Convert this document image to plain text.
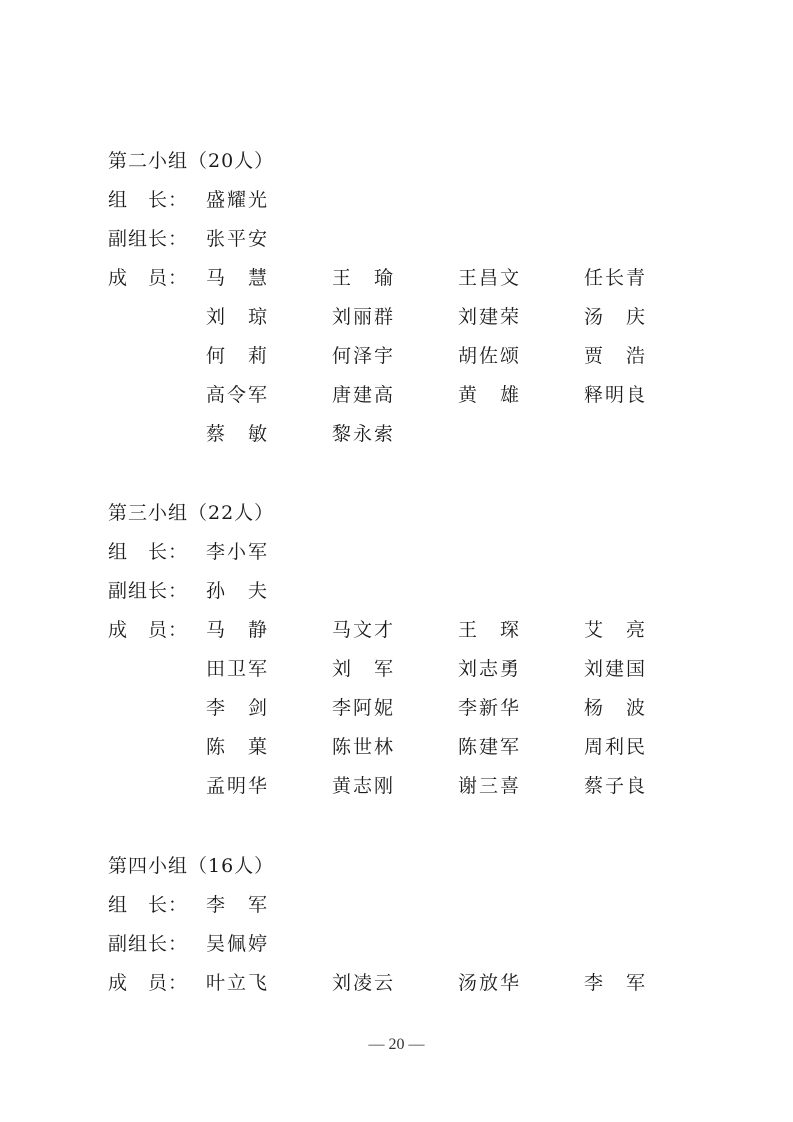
第二小组（20人）
组　长： 盛耀光
副组长： 张平安
成　员： 马　慧	王　瑜	王昌文	任长青
刘　琼	刘丽群	刘建荣	汤　庆
何　莉	何泽宇	胡佐颂	贾　浩
高令军	唐建高	黄　雄	释明良
蔡　敏	黎永索
第三小组（22人）
组　长： 李小军
副组长： 孙　夫
成　员： 马　静	马文才	王　琛	艾　亮
田卫军	刘　军	刘志勇	刘建国
李　剑	李阿妮	李新华	杨　波
陈　菓	陈世林	陈建军	周利民
孟明华	黄志刚	谢三喜	蔡子良
第四小组（16人）
组　长： 李　军
副组长： 吴佩婷
成　员： 叶立飞	刘凌云	汤放华	李　军
— 20 —
